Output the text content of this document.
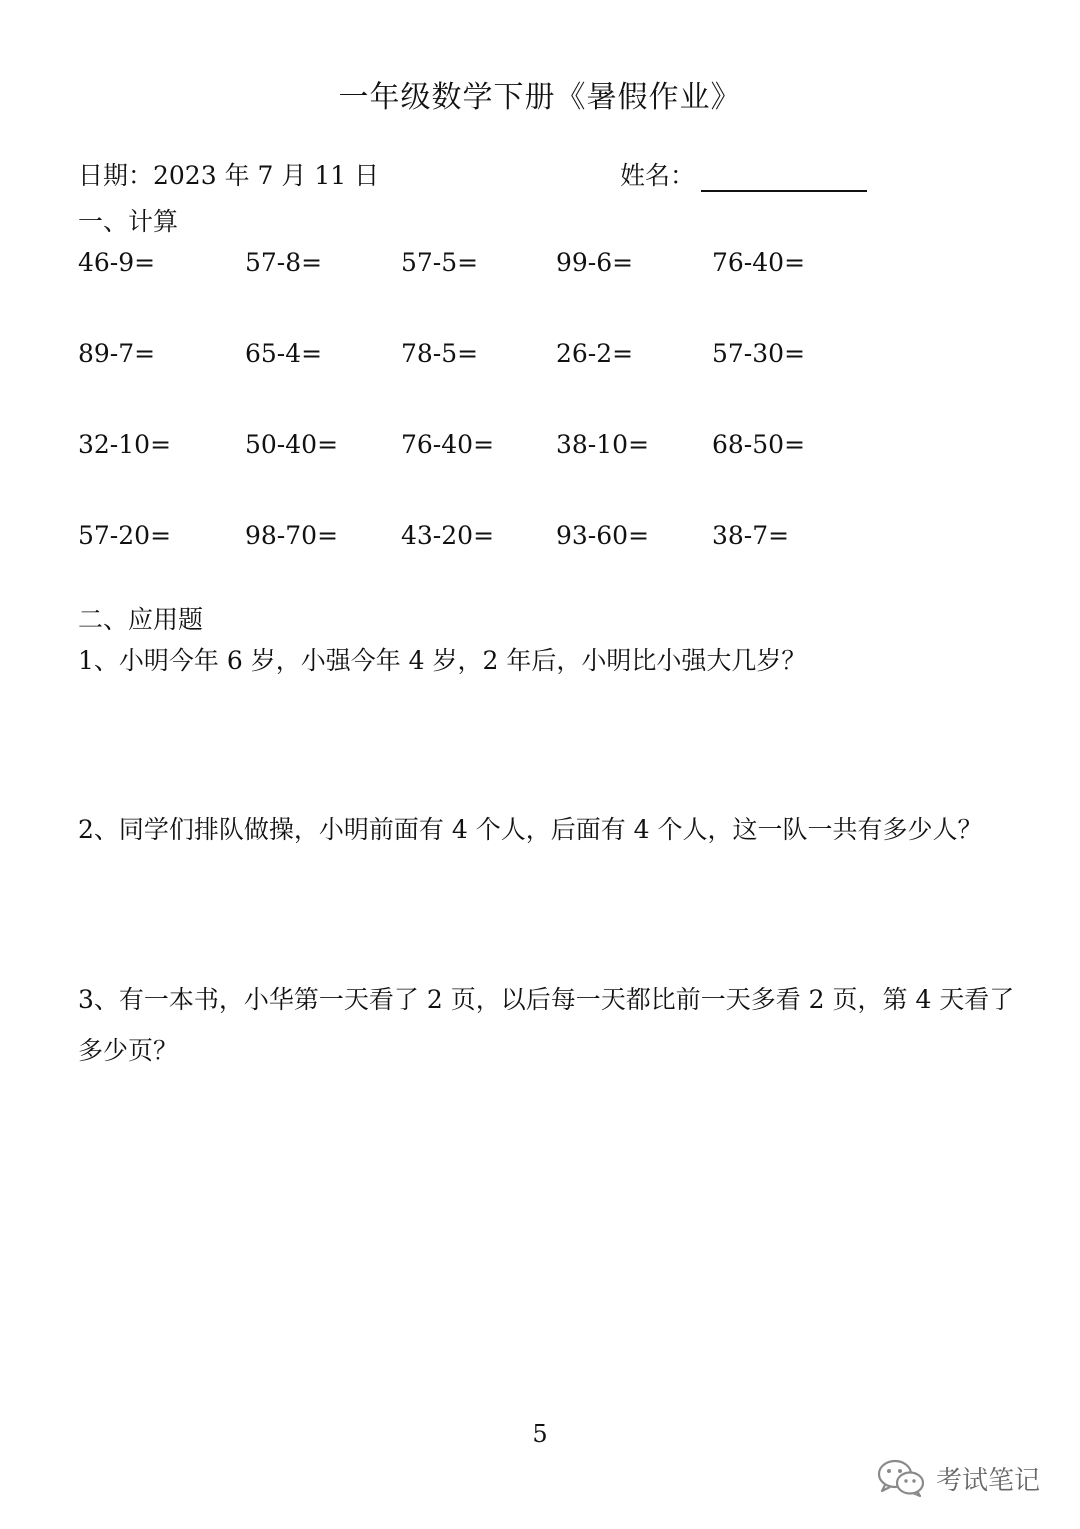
一年级数学下册《暑假作业》
日期：2023 年 7 月 11 日	姓名：
一、计算
46-9=	57-8=	57-5=	99-6=	76-40=
89-7=	65-4=	78-5=	26-2=	57-30=
32-10=	50-40=	76-40= 38-10=	68-50=
57-20=	98-70=	43-20= 93-60=	38-7=
二、应用题
1、小明今年 6 岁，小强今年 4 岁，2 年后，小明比小强大几岁？
2、同学们排队做操，小明前面有 4 个人，后面有 4 个人，这一队一共有多少人？
3、有一本书，小华第一天看了 2 页，以后每一天都比前一天多看 2 页，第 4 天看了多少页？
5
考试笔记
